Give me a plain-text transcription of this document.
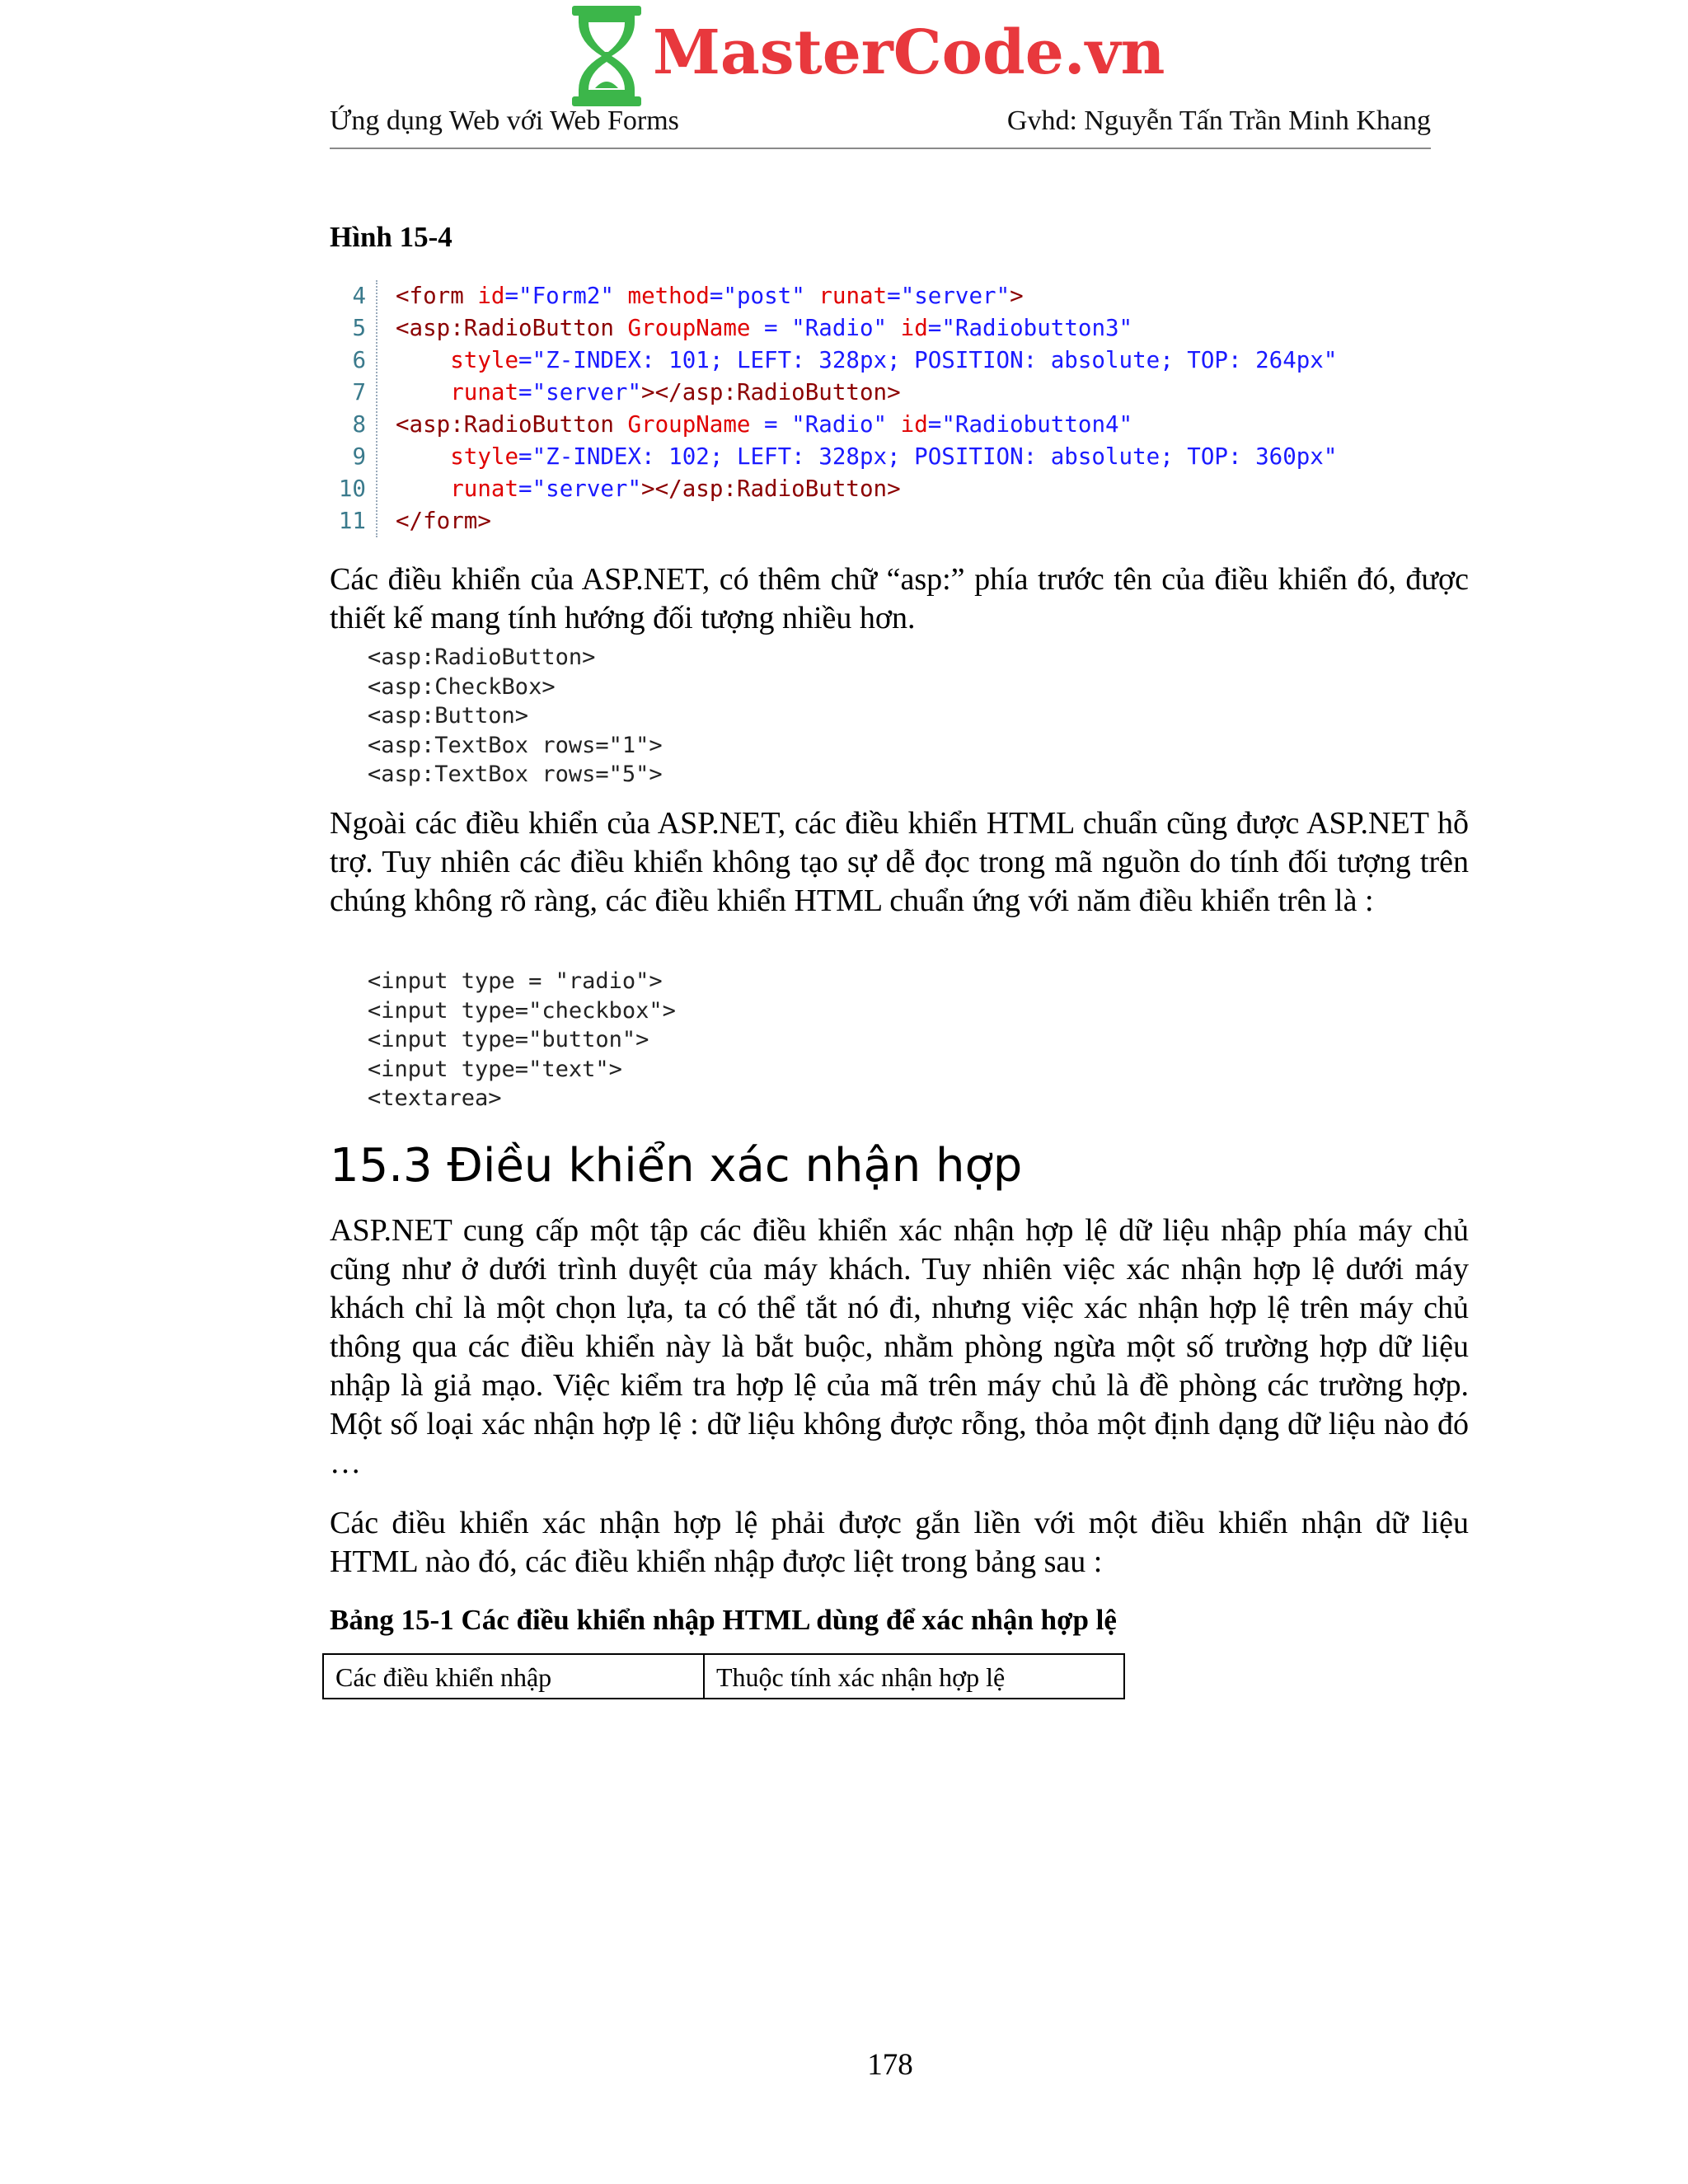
MasterCode.vn
Ứng dụng Web với Web Forms	Gvhd: Nguyễn Tấn Trần Minh Khang
Hình 15-4
4 <form id="Form2" method="post" runat="server">
5 <asp:RadioButton GroupName = "Radio" id="Radiobutton3"
6	style="Z-INDEX: 101; LEFT: 328px; POSITION: absolute; TOP: 264px"
7	runat="server"></asp:RadioButton>
8 <asp:RadioButton GroupName = "Radio" id="Radiobutton4"
9	style="Z-INDEX: 102; LEFT: 328px; POSITION: absolute; TOP: 360px"
10	runat="server"></asp:RadioButton>
11 </form>
Các điều khiển của ASP.NET, có thêm chữ “asp:” phía trước tên của điều khiển đó, được thiết kế mang tính hướng đối tượng nhiều hơn.
<asp:RadioButton>
<asp:CheckBox>
<asp:Button>
<asp:TextBox rows="1">
<asp:TextBox rows="5">
Ngoài các điều khiển của ASP.NET, các điều khiển HTML chuẩn cũng được ASP.NET hỗ trợ. Tuy nhiên các điều khiển không tạo sự dễ đọc trong mã nguồn do tính đối tượng trên chúng không rõ ràng, các điều khiển HTML chuẩn ứng với năm điều khiển trên là :
<input type = "radio">
<input type="checkbox">
<input type="button">
<input type="text">
<textarea>
15.3 Điều khiển xác nhận hợp
ASP.NET cung cấp một tập các điều khiển xác nhận hợp lệ dữ liệu nhập phía máy chủ cũng như ở dưới trình duyệt của máy khách. Tuy nhiên việc xác nhận hợp lệ dưới máy khách chỉ là một chọn lựa, ta có thể tắt nó đi, nhưng việc xác nhận hợp lệ trên máy chủ thông qua các điều khiển này là bắt buộc, nhằm phòng ngừa một số trường hợp dữ liệu nhập là giả mạo. Việc kiểm tra hợp lệ của mã trên máy chủ là đề phòng các trường hợp. Một số loại xác nhận hợp lệ : dữ liệu không được rỗng, thỏa một định dạng dữ liệu nào đó …
Các điều khiển xác nhận hợp lệ phải được gắn liền với một điều khiển nhận dữ liệu HTML nào đó, các điều khiển nhập được liệt trong bảng sau :
Bảng 15-1 Các điều khiển nhập HTML dùng để xác nhận hợp lệ
Các điều khiển nhập	Thuộc tính xác nhận hợp lệ
178
